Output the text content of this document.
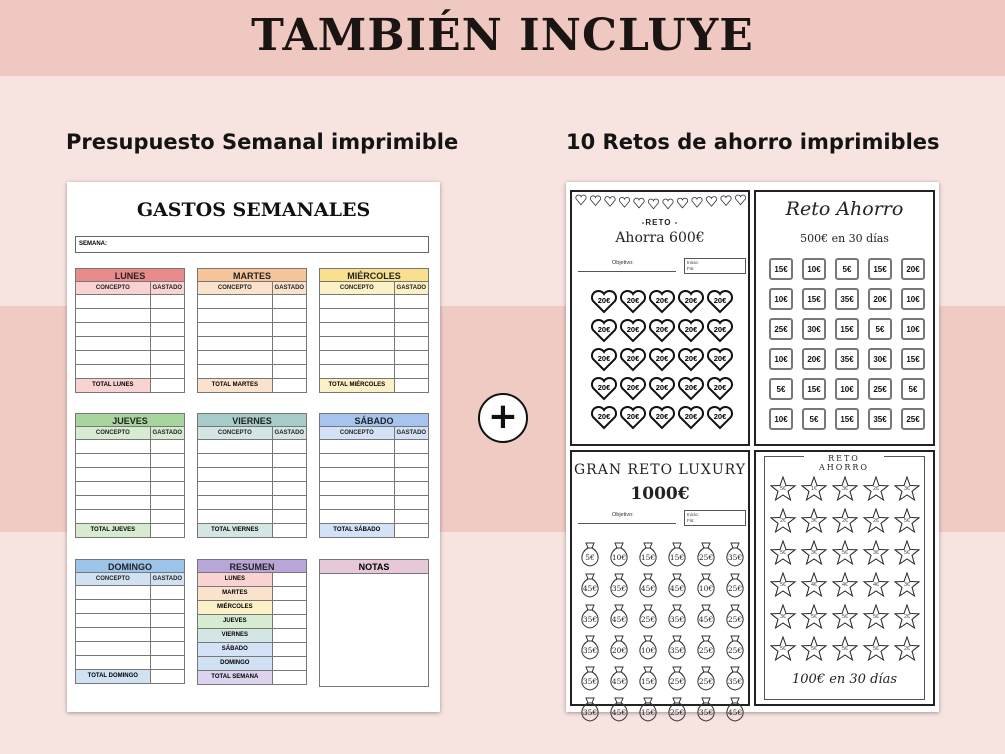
TAMBIÉN INCLUYE
Presupuesto Semanal imprimible	10 Retos de ahorro imprimibles
GASTOS SEMANALES
SEMANA:
LUNES
CONCEPTO	GASTADO
TOTAL LUNES
MARTES
CONCEPTO	GASTADO
TOTAL MARTES
MIÉRCOLES
CONCEPTO	GASTADO
TOTAL MIÉRCOLES
JUEVES
CONCEPTO	GASTADO
TOTAL JUEVES
VIERNES
CONCEPTO	GASTADO
TOTAL VIERNES
SÁBADO
CONCEPTO	GASTADO
TOTAL SÁBADO
DOMINGO
CONCEPTO	GASTADO
TOTAL DOMINGO
RESUMEN
LUNES
MARTES
MIÉRCOLES
JUEVES
VIERNES
SÁBADO
DOMINGO
TOTAL SEMANA
NOTAS
+
-RETO -
Ahorra 600€
Objetivo:	Inicio:
Fin:
20€	20€	20€	20€	20€
20€	20€	20€	20€	20€
20€	20€	20€	20€	20€
20€	20€	20€	20€	20€
20€	20€	20€	20€	20€
Reto Ahorro
500€ en 30 días
15€	10€	5€	15€	20€
10€	15€	35€	20€	10€
25€	30€	15€	5€	10€
10€	20€	35€	30€	15€
5€	15€	10€	25€	5€
10€	5€	15€	35€	25€
GRAN RETO LUXURY
1000€
Objetivo:	Inicio:
Fin:
5€	10€	15€	15€	25€	35€
45€	35€	45€	45€	10€	25€
35€	45€	25€	35€	45€	25€
35€	20€	10€	35€	25€	25€
35€	45€	15€	25€	25€	35€
35€	45€	15€	25€	35€	45€
RETO AHORRO
5€	1€	3€	2€	3€
2€	3€	2€	2€	5€
5€	3€	5€	3€	5€
5€	4€	4€	4€	3€
3€	5€	5€	5€	2€
5€	5€	5€	5€	2€
100€ en 30 días
